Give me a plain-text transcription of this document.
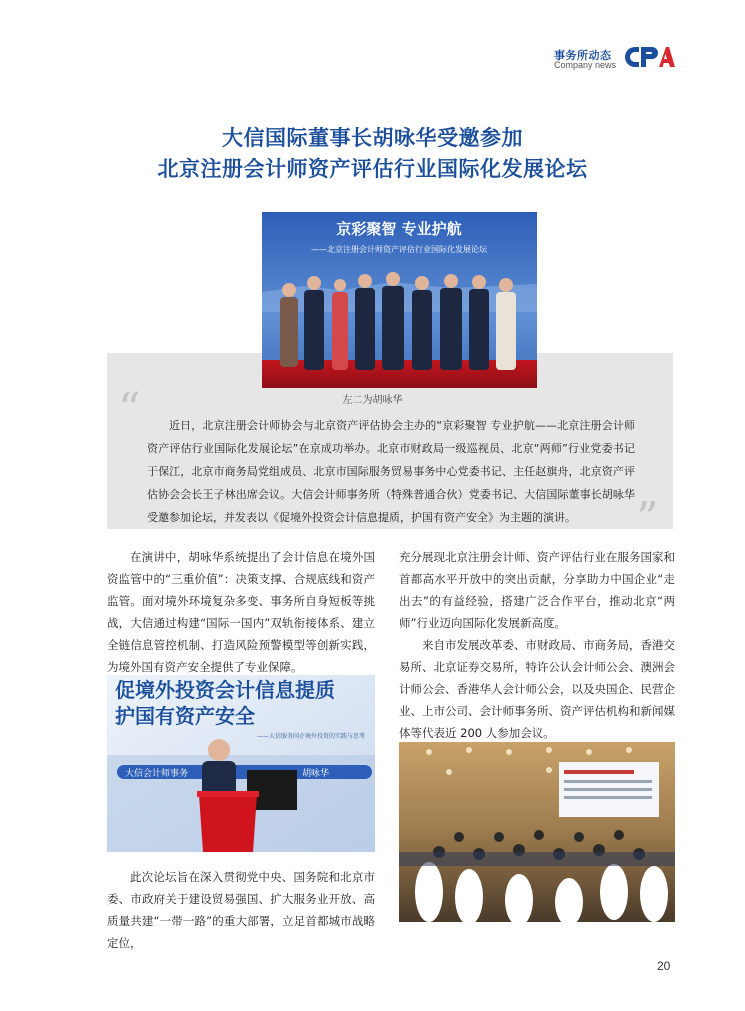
事务所动态
Company news
大信国际董事长胡咏华受邀参加
北京注册会计师资产评估行业国际化发展论坛
京彩聚智 专业护航
——北京注册会计师资产评估行业国际化发展论坛
左二为胡咏华
“
”

近日，北京注册会计师协会与北京资产评估协会主办的“京彩聚智 专业护航——北京注册会计师资产评估行业国际化发展论坛”在京成功举办。北京市财政局一级巡视员、北京“两师”行业党委书记于保江，北京市商务局党组成员、北京市国际服务贸易事务中心党委书记、主任赵旗舟，北京资产评估协会会长王子林出席会议。大信会计师事务所（特殊普通合伙）党委书记、大信国际董事长胡咏华受邀参加论坛，并发表以《促境外投资会计信息提质，护国有资产安全》为主题的演讲。

在演讲中，胡咏华系统提出了会计信息在境外国资监管中的“三重价值”：决策支撑、合规底线和资产监管。面对境外环境复杂多变、事务所自身短板等挑战，大信通过构建“国际一国内”双轨衔接体系、建立全链信息管控机制、打造风险预警模型等创新实践，为境外国有资产安全提供了专业保障。

促境外投资会计信息提质
护国有资产安全
——大信服务国企境外投资的实践与思考
大信会计师事务	胡咏华

此次论坛旨在深入贯彻党中央、国务院和北京市委、市政府关于建设贸易强国、扩大服务业开放、高质量共建“一带一路”的重大部署，立足首都城市战略定位，

充分展现北京注册会计师、资产评估行业在服务国家和首都高水平开放中的突出贡献，分享助力中国企业“走出去”的有益经验，搭建广泛合作平台，推动北京“两师”行业迈向国际化发展新高度。

来自市发展改革委、市财政局、市商务局，香港交易所、北京证券交易所，特许公认会计师公会、澳洲会计师公会、香港华人会计师公会，以及央国企、民营企业、上市公司、会计师事务所、资产评估机构和新闻媒体等代表近 200 人参加会议。

20
